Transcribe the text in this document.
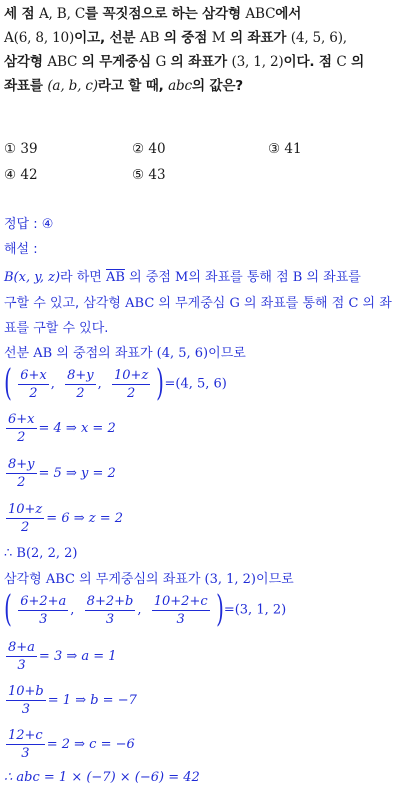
세 점 A, B, C를 꼭짓점으로 하는 삼각형 ABC에서
A(6, 8, 10)이고, 선분 AB 의 중점 M 의 좌표가 (4, 5, 6),
삼각형 ABC 의 무게중심 G 의 좌표가 (3, 1, 2)이다. 점 C 의
좌표를 (a, b, c)라고 할 때, abc의 값은?
① 39	② 40	③ 41
④ 42	⑤ 43
정답 : ④
해설 :
B(x, y, z)라 하면 $\overline{AB}$ 의 중점 M의 좌표를 통해 점 B 의 좌표를
구할 수 있고, 삼각형 ABC 의 무게중심 G 의 좌표를 통해 점 C 의 좌
표를 구할 수 있다.
선분 AB 의 중점의 좌표가 (4, 5, 6)이므로
( $\frac{6+x}{2}$ , $\frac{8+y}{2}$ , $\frac{10+z}{2} )=(4$, 5, 6)
$\frac{6+x}{2} = 4$ ⇒ x = 2
$\frac{8+y}{2} = 5$ ⇒ y = 2
$\frac{10+z}{2} = 6$ ⇒ z = 2
∴ B(2, 2, 2)
삼각형 ABC 의 무게중심의 좌표가 (3, 1, 2)이므로
( $\frac{6+2+a}{3}$ , $\frac{8+2+b}{3}$ , $\frac{10+2+c}{3} )=(3$, 1, 2)
$\frac{8+a}{3} = 3$ ⇒ a = 1
$\frac{10+b}{3} = 1$ ⇒ b = −7
$\frac{12+c}{3} = 2$ ⇒ c = −6
∴ abc = 1 × (−7) × (−6) = 42
